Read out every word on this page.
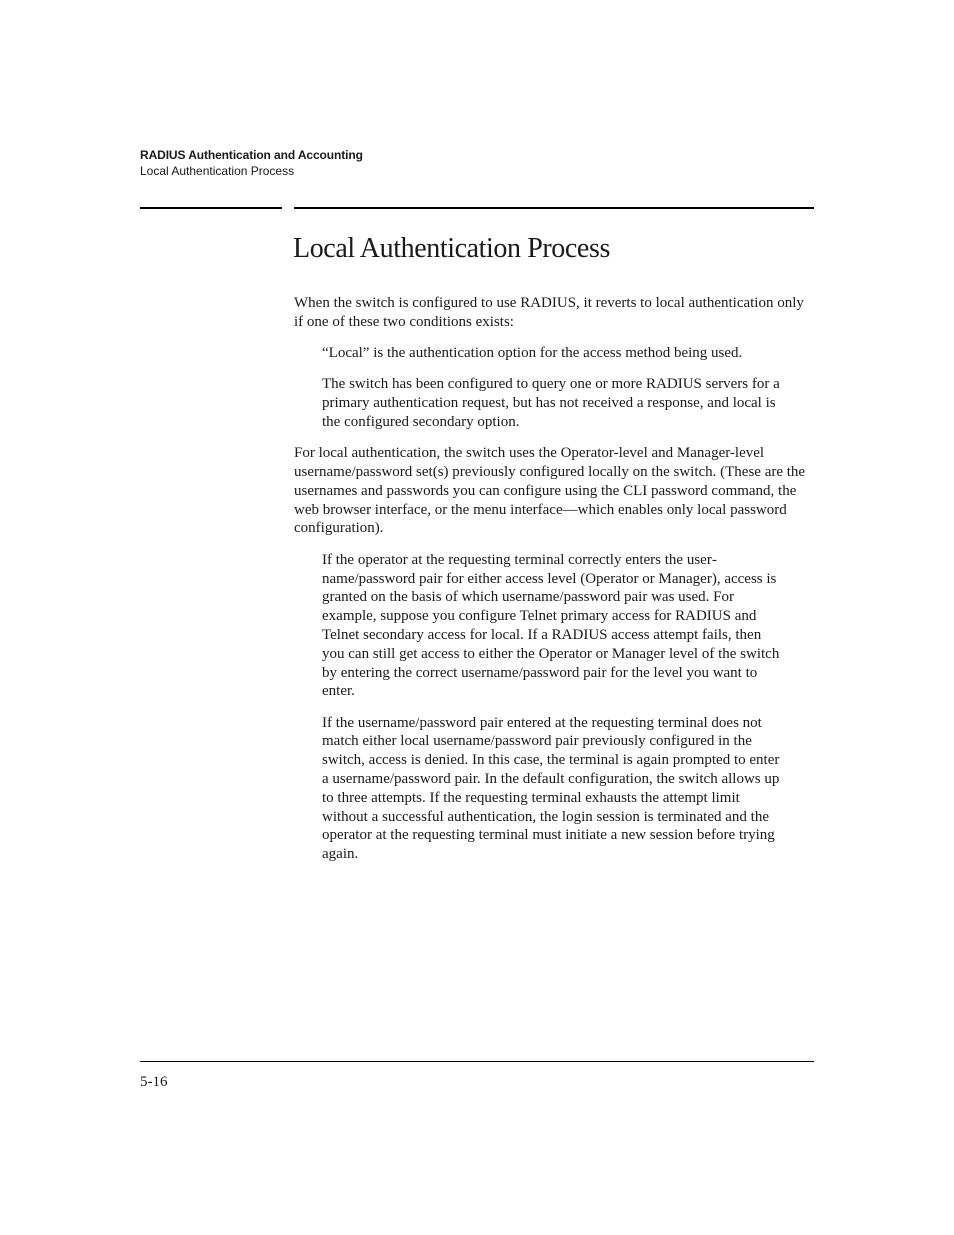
RADIUS Authentication and Accounting
Local Authentication Process
Local Authentication Process

When the switch is configured to use RADIUS, it reverts to local authentication only if one of these two conditions exists:

“Local” is the authentication option for the access method being used.

The switch has been configured to query one or more RADIUS servers for a primary authentication request, but has not received a response, and local is the configured secondary option.

For local authentication, the switch uses the Operator-level and Manager-level username/password set(s) previously configured locally on the switch. (These are the usernames and passwords you can configure using the CLI password command, the web browser interface, or the menu interface—which enables only local password configuration).

If the operator at the requesting terminal correctly enters the username/password pair for either access level (Operator or Manager), access is granted on the basis of which username/password pair was used. For example, suppose you configure Telnet primary access for RADIUS and Telnet secondary access for local. If a RADIUS access attempt fails, then you can still get access to either the Operator or Manager level of the switch by entering the correct username/password pair for the level you want to enter.

If the username/password pair entered at the requesting terminal does not match either local username/password pair previously configured in the switch, access is denied. In this case, the terminal is again prompted to enter a username/password pair. In the default configuration, the switch allows up to three attempts. If the requesting terminal exhausts the attempt limit without a successful authentication, the login session is terminated and the operator at the requesting terminal must initiate a new session before trying again.

5-16
